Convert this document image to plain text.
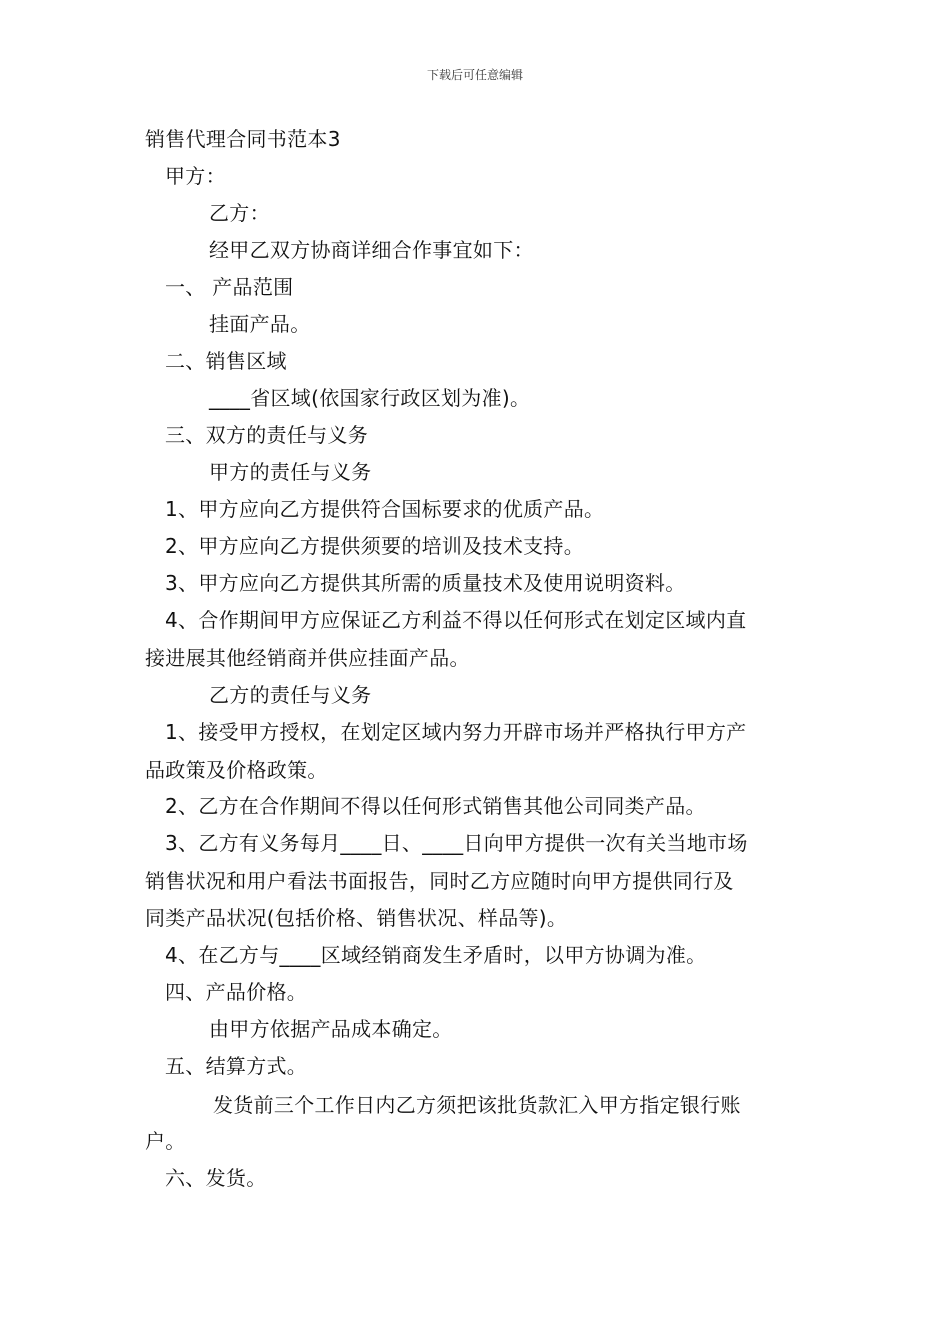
下载后可任意编辑
销售代理合同书范本3
甲方：
乙方：
经甲乙双方协商详细合作事宜如下：
一、 产品范围
挂面产品。
二、销售区域
____省区域(依国家行政区划为准)。
三、双方的责任与义务
甲方的责任与义务
1、甲方应向乙方提供符合国标要求的优质产品。
2、甲方应向乙方提供须要的培训及技术支持。
3、甲方应向乙方提供其所需的质量技术及使用说明资料。
4、合作期间甲方应保证乙方利益不得以任何形式在划定区域内直
接进展其他经销商并供应挂面产品。
乙方的责任与义务
1、接受甲方授权，在划定区域内努力开辟市场并严格执行甲方产
品政策及价格政策。
2、乙方在合作期间不得以任何形式销售其他公司同类产品。
3、乙方有义务每月____日、____日向甲方提供一次有关当地市场
销售状况和用户看法书面报告，同时乙方应随时向甲方提供同行及
同类产品状况(包括价格、销售状况、样品等)。
4、在乙方与____区域经销商发生矛盾时，以甲方协调为准。
四、产品价格。
由甲方依据产品成本确定。
五、结算方式。
发货前三个工作日内乙方须把该批货款汇入甲方指定银行账
户。
六、发货。
